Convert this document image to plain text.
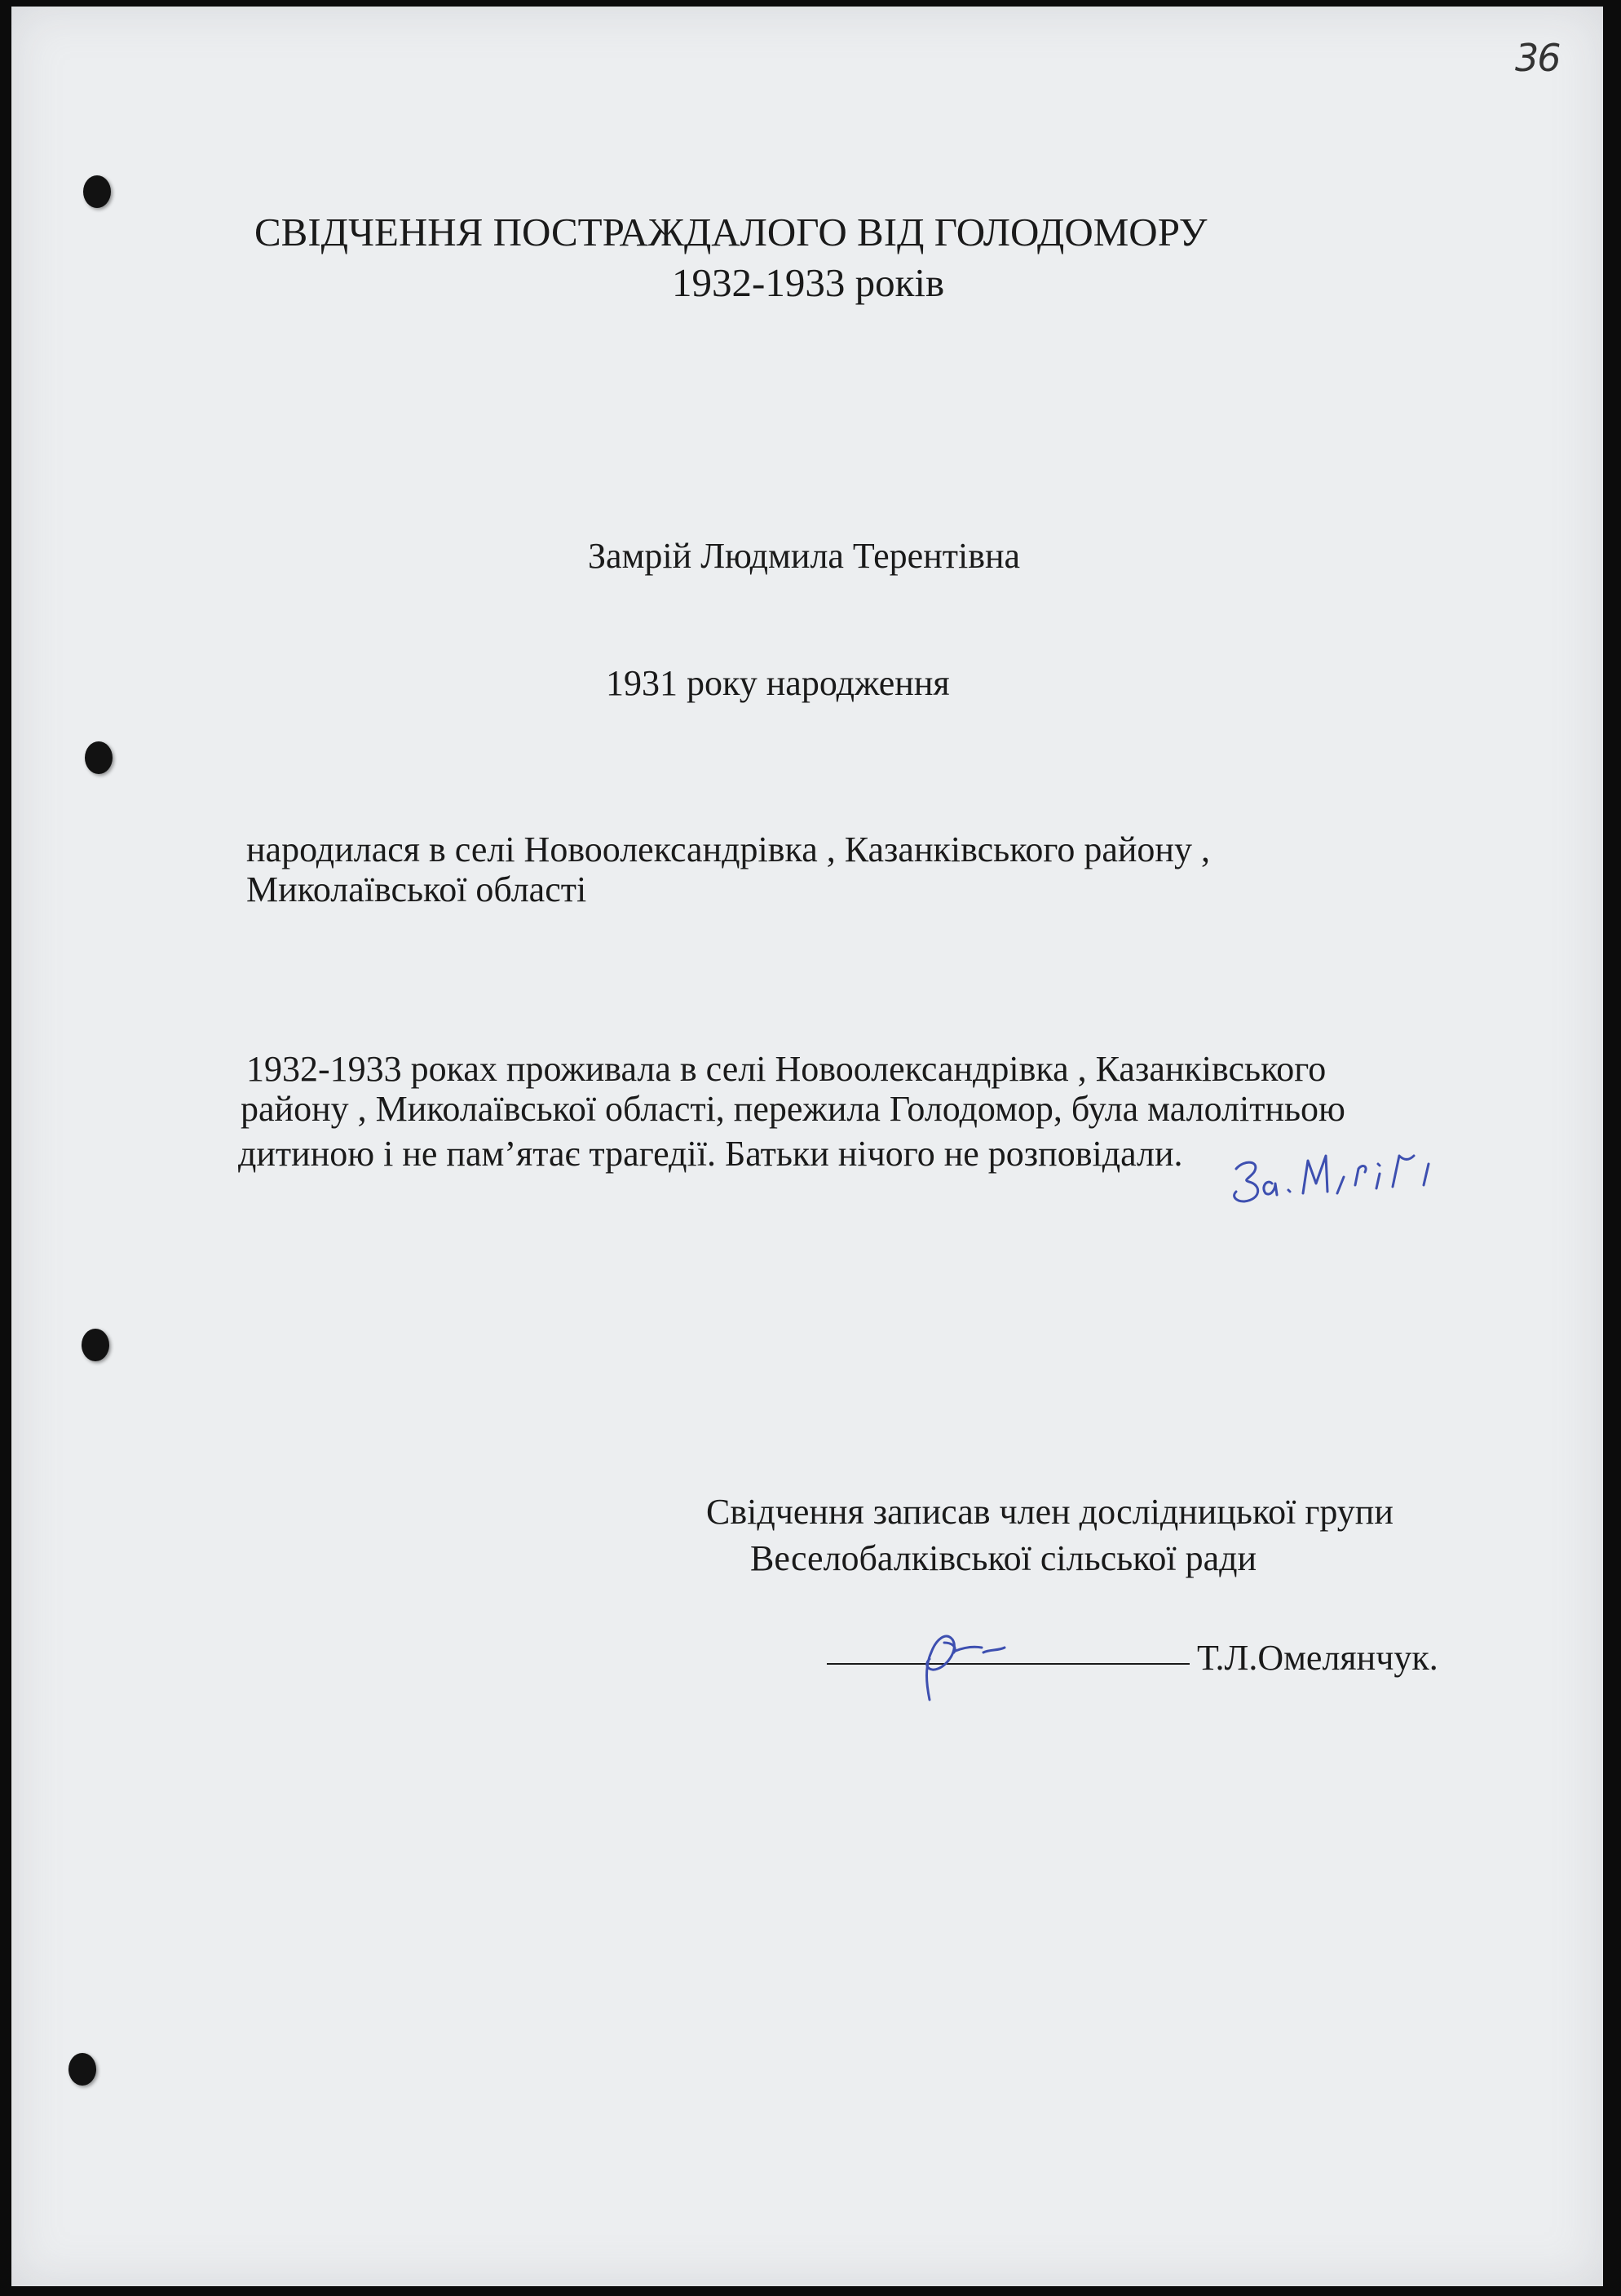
36
СВІДЧЕННЯ ПОСТРАЖДАЛОГО ВІД ГОЛОДОМОРУ
1932-1933 років
Замрій Людмила Терентівна
1931 року народження
народилася в селі Новоолександрівка , Казанківського району ,
Миколаївської області
1932-1933 роках проживала в селі Новоолександрівка , Казанківського
району , Миколаївської області, пережила Голодомор, була малолітньою
дитиною і не пам’ятає трагедії. Батьки нічого не розповідали.
Свідчення записав член дослідницької групи
Веселобалківської сільської ради
Т.Л.Омелянчук.
